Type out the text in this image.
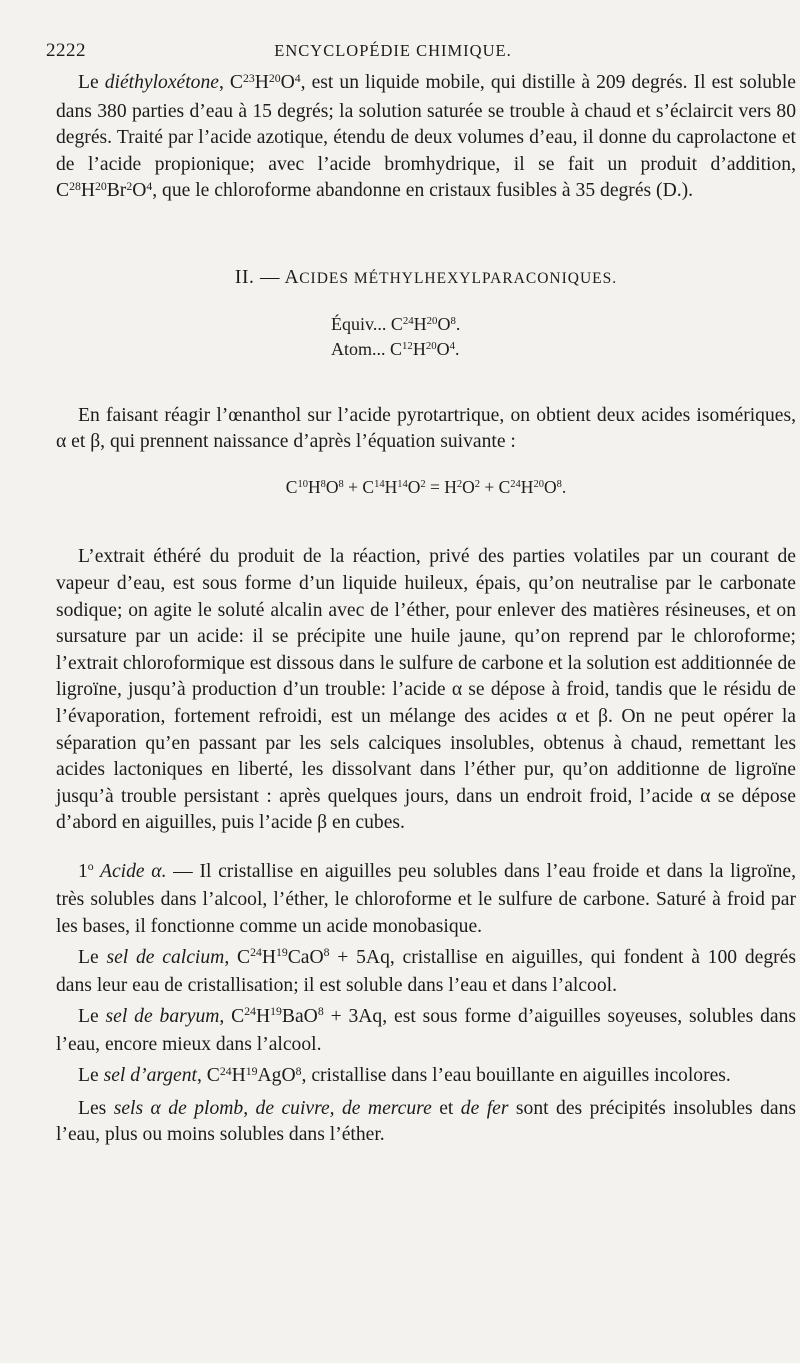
2222	ENCYCLOPÉDIE CHIMIQUE.

Le diéthyloxétone, $C^{23}H^{20}O^4$, est un liquide mobile, qui distille à 209 degrés. Il est soluble dans 380 parties d’eau à 15 degrés; la solution saturée se trouble à chaud et s’éclaircit vers 80 degrés. Traité par l’acide azotique, étendu de deux volumes d’eau, il donne du caprolactone et de l’acide propionique; avec l’acide bromhydrique, il se fait un produit d’addition, $C^{28}H^{20}Br^2O^4$, que le chloroforme abandonne en cristaux fusibles à 35 degrés (D.).

II. — ACIDES MÉTHYLHEXYLPARACONIQUES.

Équiv... $C^{24}H^{20}O^8$.
Atom... $C^{12}H^{20}O^4$.

En faisant réagir l’œnanthol sur l’acide pyrotartrique, on obtient deux acides isomériques, α et β, qui prennent naissance d’après l’équation suivante :

$C^{10}H^8O^8 + C^{14}H^{14}O^2 = H^2O^2 + C^{24}H^{20}O^8$.

L’extrait éthéré du produit de la réaction, privé des parties volatiles par un courant de vapeur d’eau, est sous forme d’un liquide huileux, épais, qu’on neutralise par le carbonate sodique; on agite le soluté alcalin avec de l’éther, pour enlever des matières résineuses, et on sursature par un acide: il se précipite une huile jaune, qu’on reprend par le chloroforme; l’extrait chloroformique est dissous dans le sulfure de carbone et la solution est additionnée de ligroïne, jusqu’à production d’un trouble: l’acide α se dépose à froid, tandis que le résidu de l’évaporation, fortement refroidi, est un mélange des acides α et β. On ne peut opérer la séparation qu’en passant par les sels calciques insolubles, obtenus à chaud, remettant les acides lactoniques en liberté, les dissolvant dans l’éther pur, qu’on additionne de ligroïne jusqu’à trouble persistant : après quelques jours, dans un endroit froid, l’acide α se dépose d’abord en aiguilles, puis l’acide β en cubes.

1$^o$ Acide α. — Il cristallise en aiguilles peu solubles dans l’eau froide et dans la ligroïne, très solubles dans l’alcool, l’éther, le chloroforme et le sulfure de carbone. Saturé à froid par les bases, il fonctionne comme un acide monobasique.

Le sel de calcium, $C^{24}H^{19}CaO^8 + 5Aq$, cristallise en aiguilles, qui fondent à 100 degrés dans leur eau de cristallisation; il est soluble dans l’eau et dans l’alcool.

Le sel de baryum, $C^{24}H^{19}BaO^8 + 3Aq$, est sous forme d’aiguilles soyeuses, solubles dans l’eau, encore mieux dans l’alcool.

Le sel d’argent, $C^{24}H^{19}AgO^8$, cristallise dans l’eau bouillante en aiguilles incolores.

Les sels α de plomb, de cuivre, de mercure et de fer sont des précipités insolubles dans l’eau, plus ou moins solubles dans l’éther.
